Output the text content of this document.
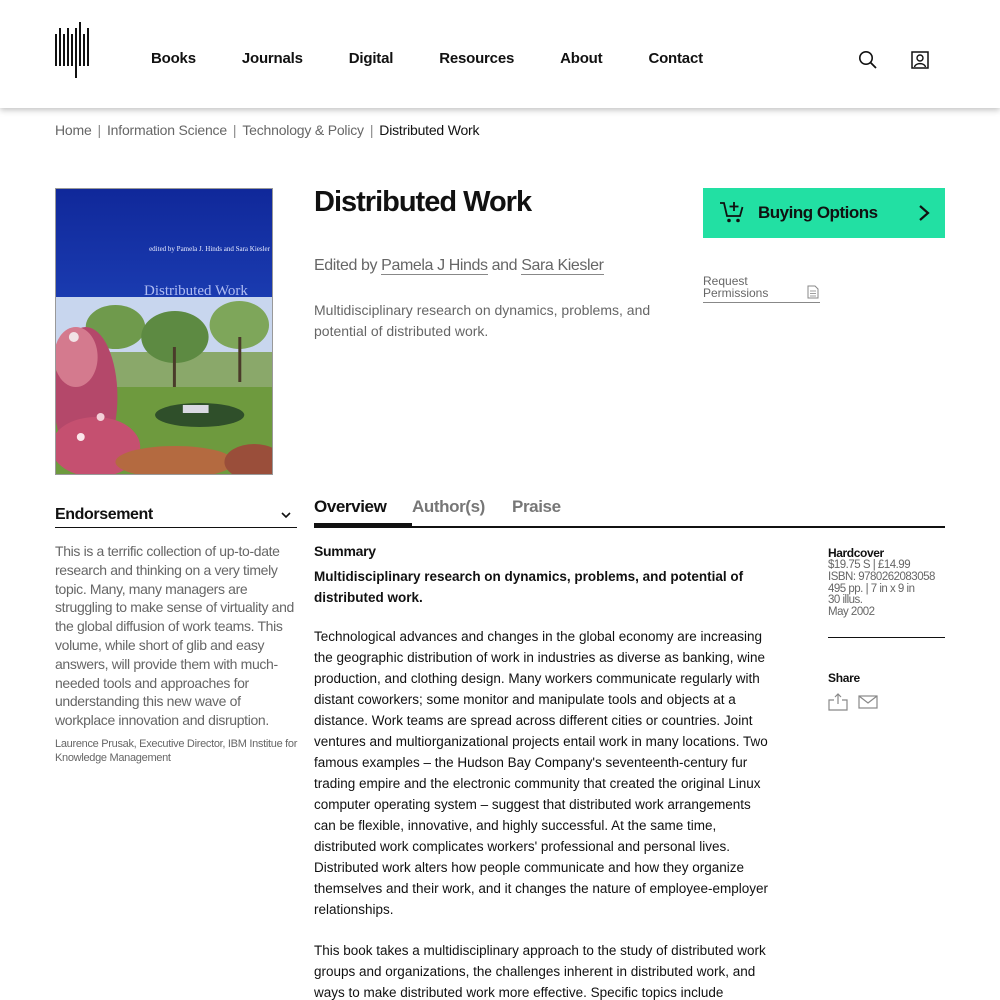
Books	Journals	Digital	Resources	About	Contact
Home | Information Science | Technology & Policy | Distributed Work
edited by Pamela J. Hinds and Sara Kiesler
Distributed Work
Distributed Work
Edited by Pamela J Hinds and Sara Kiesler

Multidisciplinary research on dynamics, problems, and potential of distributed work.

Buying Options
Request Permissions
Endorsement

This is a terrific collection of up-to-date research and thinking on a very timely topic. Many, many managers are struggling to make sense of virtuality and the global diffusion of work teams. This volume, while short of glib and easy answers, will provide them with much-needed tools and approaches for understanding this new wave of workplace innovation and disruption.

Laurence Prusak, Executive Director, IBM Institue for Knowledge Management

Overview Author(s) Praise
Summary

Multidisciplinary research on dynamics, problems, and potential of distributed work.

Technological advances and changes in the global economy are increasing the geographic distribution of work in industries as diverse as banking, wine production, and clothing design. Many workers communicate regularly with distant coworkers; some monitor and manipulate tools and objects at a distance. Work teams are spread across different cities or countries. Joint ventures and multiorganizational projects entail work in many locations. Two famous examples – the Hudson Bay Company's seventeenth-century fur trading empire and the electronic community that created the original Linux computer operating system – suggest that distributed work arrangements can be flexible, innovative, and highly successful. At the same time, distributed work complicates workers' professional and personal lives. Distributed work alters how people communicate and how they organize themselves and their work, and it changes the nature of employee-employer relationships.

This book takes a multidisciplinary approach to the study of distributed work groups and organizations, the challenges inherent in distributed work, and ways to make distributed work more effective. Specific topics include

Hardcover
$19.75 S | £14.99
ISBN: 9780262083058
495 pp. | 7 in x 9 in
30 illus.
May 2002
Share
